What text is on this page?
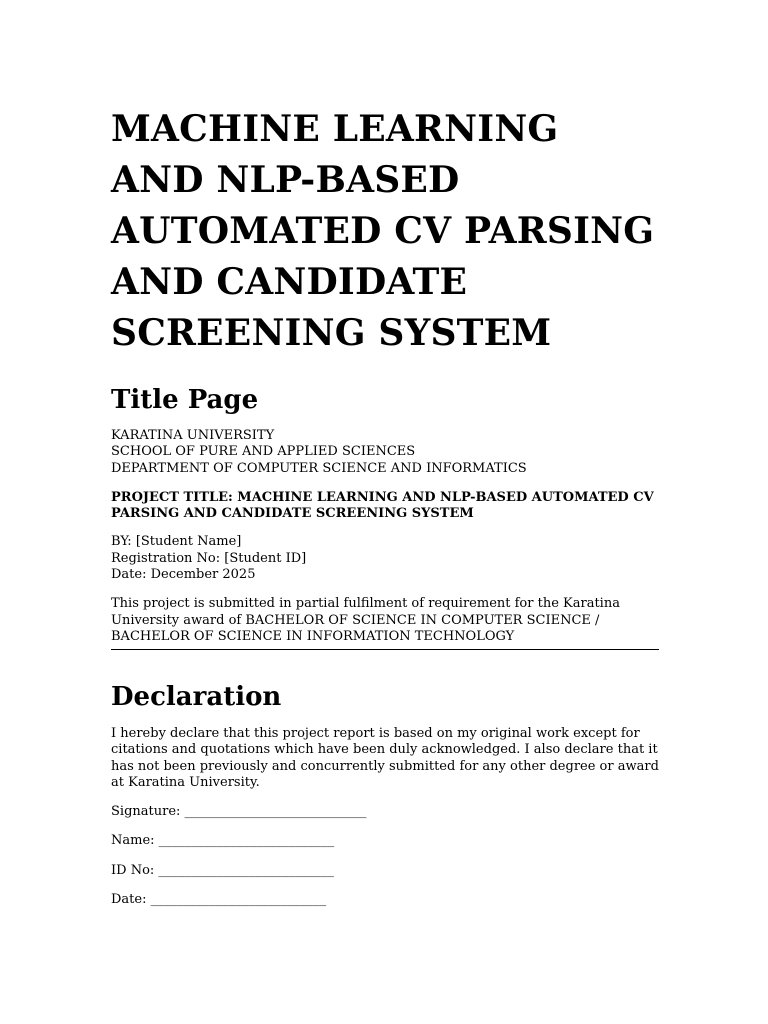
MACHINE LEARNING AND NLP-BASED AUTOMATED CV PARSING AND CANDIDATE SCREENING SYSTEM
Title Page
KARATINA UNIVERSITY
SCHOOL OF PURE AND APPLIED SCIENCES
DEPARTMENT OF COMPUTER SCIENCE AND INFORMATICS

PROJECT TITLE: MACHINE LEARNING AND NLP-BASED AUTOMATED CV PARSING AND CANDIDATE SCREENING SYSTEM

BY: [Student Name]
Registration No: [Student ID]
Date: December 2025

This project is submitted in partial fulfilment of requirement for the Karatina University award of BACHELOR OF SCIENCE IN COMPUTER SCIENCE / BACHELOR OF SCIENCE IN INFORMATION TECHNOLOGY

Declaration

I hereby declare that this project report is based on my original work except for citations and quotations which have been duly acknowledged. I also declare that it has not been previously and concurrently submitted for any other degree or award at Karatina University.

Signature: ____________________________

Name: ___________________________

ID No: ___________________________

Date: ___________________________
